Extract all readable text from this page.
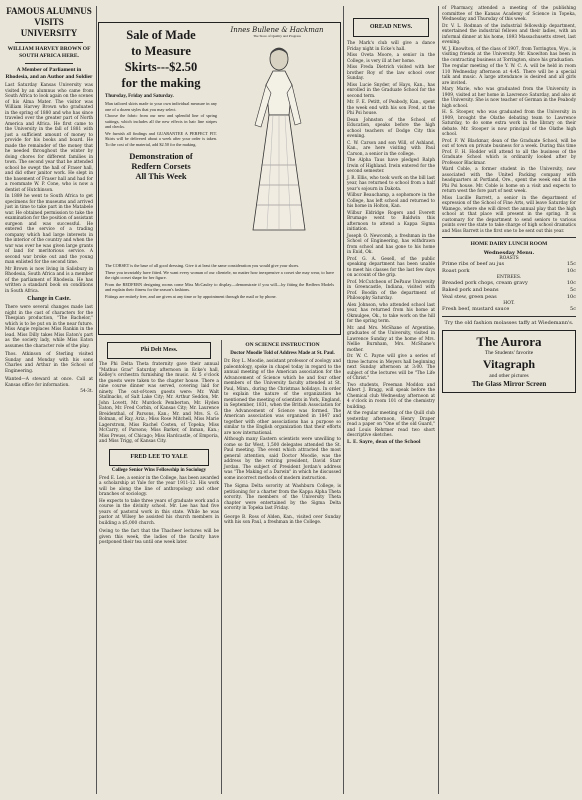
FAMOUS ALUMNUS VISITS UNIVERSITY
WILLIAM HARVEY BROWN OF SOUTH AFRICA HERE.
A Member of Parliament in Rhodesia, and an Author and Soldier

Last Saturday Kansas University was visited by an alumnus who came from South Africa to look again on the scenes of his Alma Mater. The visitor was William Harvey Brown who graduated in the spring of 1880 and who has since traveled over the greater part of North America and Africa. He first came to the University in the fall of 1881 with just a sufficient amount of money to provide for his books and board. He made the remainder of the money that he needed throughout the winter by doing chores for different families in town. The second year that he attended school he swept the hall of Fraser hall, and did other janitor work. He slept in the basement of Fraser hall and had for a roommate W. P. Cone, who is now a dentist of Hutchinson.

In 1889 he went to South Africa to get specimens for the museums and arrived just in time to take part in the Matabele war. He obtained permission to take the examination for the position of assistant surgeon and was successful. He entered the service of a trading company which had large interests in the interior of the country and when the war was over he was given large grants of land for meritorious service. A second war broke out and the young man enlisted for the second time.

Mr Brown is now living in Salisbury in Rhodesia, South Africa and is a member of the parliament of Rhodesia. He has written a standard book on conditions in South Africa.

Change in Caste.

There were several changes made last night in the cast of characters for the Thespian production, "The Bachelor," which is to be put on in the near future. Miss Angie replaces Miss Rankin in the lead. Miss Dilly takes Miss Eaton's part as the society lady, while Miss Eaton assumes the character role of the play.

Thos. Atkinson of Sterling visited Sunday and Monday with his sons Charles and Arthur in the School of Engineering.

Wanted—A steward at once. Call at Kansas office for information.

54-3t.

Sale of Made
to Measure
Skirts---$2.50
for the making
Thursday, Friday and Saturday.

Man tailored skirts made to your own individual measure in any one of a dozen styles that you may select.

Choose the fabric from our new and splendid line of spring suitings, which includes all the new effects in hair line stripes and checks.

We furnish all findings and GUARANTEE A PERFECT FIT. Skirts will be delivered about a week after your order is taken. To the cost of the material, add $2.50 for the making.

Demonstration of
Redfern Corsets
All This Week
Innes Bullene & Hackman
The Store of Quality and Progress

The CORSET is the base of all good dressing. Give it at least the same consideration you would give your shoes.

These you invariably have fitted. We want every woman of our clientele, no matter how inexpensive a corset she may wear, to have the right corset shape for her figure.

From the REDFERN designing rooms come Miss McCauley to display—demonstrate if you will—by fitting the Redfern Models and explain their fitness for the season's fashions.

Fittings are entirely free, and are given at any time or by appointment through the mail or by phone.

Phi Delt Mess.

The Phi Delta Theta fraternity gave their annual "Mathus Gras" Saturday afternoon in Ecke's hall, Kelley's orchestra furnishing the music. At 5 o'clock the guests were taken to the chapter house. There a nine course dinner was served, covering laid for ninety. The out-of-town guests were: Mr. Walt Stallnacks, of Salt Lake City; Mr. Arthur Seddon, Mr. John Lovett, Mr. Murdock Pemberton, Mr. Hyden Eaton, Mr. Fred Corbin, of Kansas City; Mr. Laurence Breidenthal, of Parsons, Kan.; Mr. and Mrs. S. G. Bolman, of Ray, Ariz.; Miss Rose Mitchell, Miss Marie Lagerstrom, Miss Rachel Costen, of Topeka; Miss McCarry, of Parsons; Miss Barker, of Inman, Kan.; Miss Preuss, of Chicago; Miss Hardcastle, of Emporia, and Miss Trigg, of Kansas City.

FRED LEE TO YALE
College Senior Wins Fellowship in Sociology

Fred E. Lee, a senior in the College, has been awarded a scholarship at Yale for the year 1911-12. His work will be along the line of anthropology and other branches of sociology.

He expects to take three years of graduate work and a course in the divinity school. Mr. Lee has had five years of pastoral work in this state. While he was pastor at Wilsey he assisted his church members in building a $5,000 church.

Owing to the fact that the Thacheer lectures will be given this week, the ladies of the faculty have postponed their tea until one week later.

ON SCIENCE INSTRUCTION
Doctor Moodie Told of Address Made at St. Paul.

Dr. Roy L. Moodie, assistant professor of zoology and paleontology, spoke in chapel today in regard to the annual meeting of the American association for the Advancement of Science which he and four other members of the University faculty attended at St. Paul, Minn., during the Christmas holidays. In order to explain the nature of the organization he mentioned the meeting of scientists in York, England, in September, 1831, when the British Association for the Advancement of Science was formed. The American association was organized in 1847 and together with other associations has a purpose so similar to the English organization that their efforts are now international.

Although many Eastern scientists were unwilling to come so far West, 1,500 delegates attended the St. Paul meeting. The event which attracted the most general attention, said Doctor Moodie, was the address by the retiring president, David Starr Jordan. The subject of President Jordan's address was "The Making of a Darwin" in which he discussed some incorrect methods of modern instruction.

The Sigma Delta sorority at Washburn College, is petitioning for a charter from the Kappa Alpha Theta sorority. The members of the University Theta chapter were entertained by the Sigma Delta sorority in Topeka last Friday.

George B. Ross of Alden, Kan., visited over Sunday with his son Paul, a freshman in the College.

OREAD NEWS.

The Mark's club will give a dance Friday night in Ecke's hall.

Miss Oveta Moore, a senior in the College, is very ill at her home.

Miss Freda Dietrich visited with her brother Roy of the law school over Sunday.

Miss Lucie Snyder, of Hays, Kan., has enrolled in the Graduate School for the second term.

Mr. F. E. Petitt, of Peabody, Kan., spent the week end with his son Fred, at the Phi Psi house.

Dean Johnston of the School of Education, speaks before the high school teachers of Dodge City this evening.

C. W. Carson and son Will, of Ashland, Kan., are here visiting with Paul Carson, a senior in the college.

The Alpha Taus have pledged Ralph Irwin of Highland. Irwin entered for the second semester.

J. R. Ellis, who took work on the bill last year, has returned to school from a half year's sojourn in Dakota.

Wilbur Beauchamp, a sophomore in the College, has left school and returned to his home in Holton, Kan.

Wilbur Eldridge Rogers and Everett Brumage went to Baldwin this afternoon to attend a Kappa Sigma initiation.

Joseph O. Newcomb, a freshman in the School of Engineering, has withdrawn from school and has gone to his home in Enid, Ok.

Prof. G. A. Gesell, of the public speaking department has been unable to meet his classes for the last few days on account of the grip.

Prof. McCutcheon of DePauw University in Greencastle, Indiana, visited with Prof. Boodin of the department of Philosophy Saturday.

Alex Johnson, who attended school last year, has returned from his home at Okmulgee, Ok., to take work on the hill for the spring term.

Mr. and Mrs. McShane of Argentine, graduates of the University, visited in Lawrence Sunday at the home of Mrs. Nellie Burnham, Mrs. McShane's mother.

Dr. W. C. Payne will give a series of three lectures in Meyers hall beginning next Sunday afternoon at 3:00. The subject of the lectures will be "The Life of Christ."

Two students, Freeman Moddox and Albert J. Bragg, will speak before the Chemical club Wednesday afternoon at 4 o'clock in room 101 of the chemistry building.

At the regular meeting of the Quill club yesterday afternoon, Henry Draper read a paper on "One of the old Guard," and Louis Rehrmer read two short descriptive sketches.

L. E. Sayre, dean of the School

of Pharmacy, attended a meeting of the publishing committee of the Kansas Academy of Science in Topeka, Wednesday and Thursday of this week.

Dr. V. L. Rodman of the industrial fellowship department, entertained the industrial fellows and their ladies, with an informal dinner at his home, 1893 Massachusetts street, last evening.

W. J. Knowlton, of the class of 1907, from Torrington, Wyo., is visiting friends at the University. Mr. Knowlton has been in the contracting business at Torrington, since his graduation.

The regular meeting of the Y. W. C. A. will be held in room 110 Wednesday afternoon at 4:45. There will be a special talk and music. A large attendance is desired and all girls are invited.

Mary Marie, who was graduated from the University in 1909, visited at her home in Lawrence Saturday, and also at the University. She is now teacher of German in the Peabody high school.

H. S. Stooper, who was graduated from the University in 1909, brought the Olathe debating team to Lawrence Saturday, to do some extra work in the library on their debate. Mr. Stooper is now principal of the Olathe high school.

Prof. F. W. Blackmar, dean of the Graduate School, will be out of town on private business for a week. During this time Prof. F. H. Hodder will attend to all the business of the Graduate School which is ordinarily looked after by Professor Blackmar.

Ward Coble, a former student in the University, now associated with the United Packing company with headquarters at Portland, Ore., spent the week end at the Phi Psi house. Mr. Coble is home on a visit and expects to return west the fore part of next week.

Miss Lucille Barrett, a senior in the department of expression of the School of Fine Arts, will leave Saturday for Wamego, where she will direct the annual play that the high school at that place will present in the spring. It is customary for the department to send seniors to various points over the state to take charge of high school dramatics and Miss Barrett is the first one to be sent out this year.

HOME DAIRY LUNCH ROOM
Wednesday Menu.
ROASTS
Prime ribs of beef au jus	15c
Roast pork	10c
ENTREES.
Breaded pork chops, cream gravy	10c
Baked pork and beans	5c
Veal stew, green peas	10c
HOT.
Fresh beef, mustard sauce	5c

Try the old fashion molasses taffy at Wiedemann's.

The Aurora
The Students' favorite
Vitagraph
and other pictures
The Glass Mirror Screen
